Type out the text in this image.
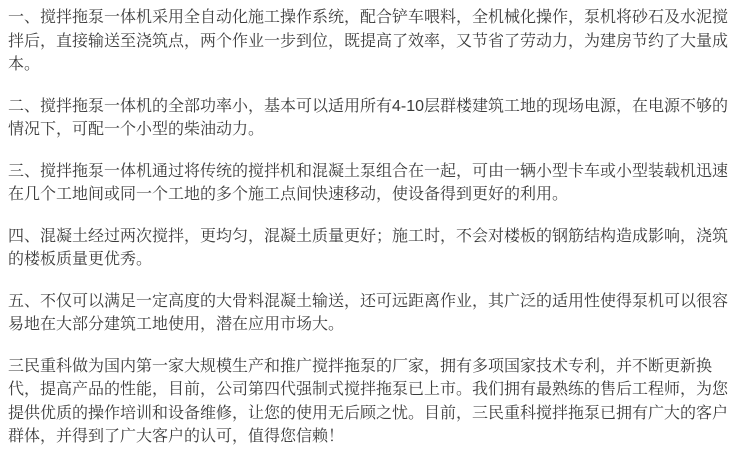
一、搅拌拖泵一体机采用全自动化施工操作系统，配合铲车喂料，全机械化操作，泵机将砂石及水泥搅拌后，直接输送至浇筑点，两个作业一步到位，既提高了效率，又节省了劳动力，为建房节约了大量成本。

二、搅拌拖泵一体机的全部功率小，基本可以适用所有4-10层群楼建筑工地的现场电源，在电源不够的情况下，可配一个小型的柴油动力。

三、搅拌拖泵一体机通过将传统的搅拌机和混凝土泵组合在一起，可由一辆小型卡车或小型装载机迅速在几个工地间或同一个工地的多个施工点间快速移动，使设备得到更好的利用。

四、混凝土经过两次搅拌，更均匀，混凝土质量更好；施工时，不会对楼板的钢筋结构造成影响，浇筑的楼板质量更优秀。

五、不仅可以满足一定高度的大骨料混凝土输送，还可远距离作业，其广泛的适用性使得泵机可以很容易地在大部分建筑工地使用，潜在应用市场大。

三民重科做为国内第一家大规模生产和推广搅拌拖泵的厂家，拥有多项国家技术专利，并不断更新换代，提高产品的性能，目前，公司第四代强制式搅拌拖泵已上市。我们拥有最熟练的售后工程师，为您提供优质的操作培训和设备维修，让您的使用无后顾之忧。目前，三民重科搅拌拖泵已拥有广大的客户群体，并得到了广大客户的认可，值得您信赖！
